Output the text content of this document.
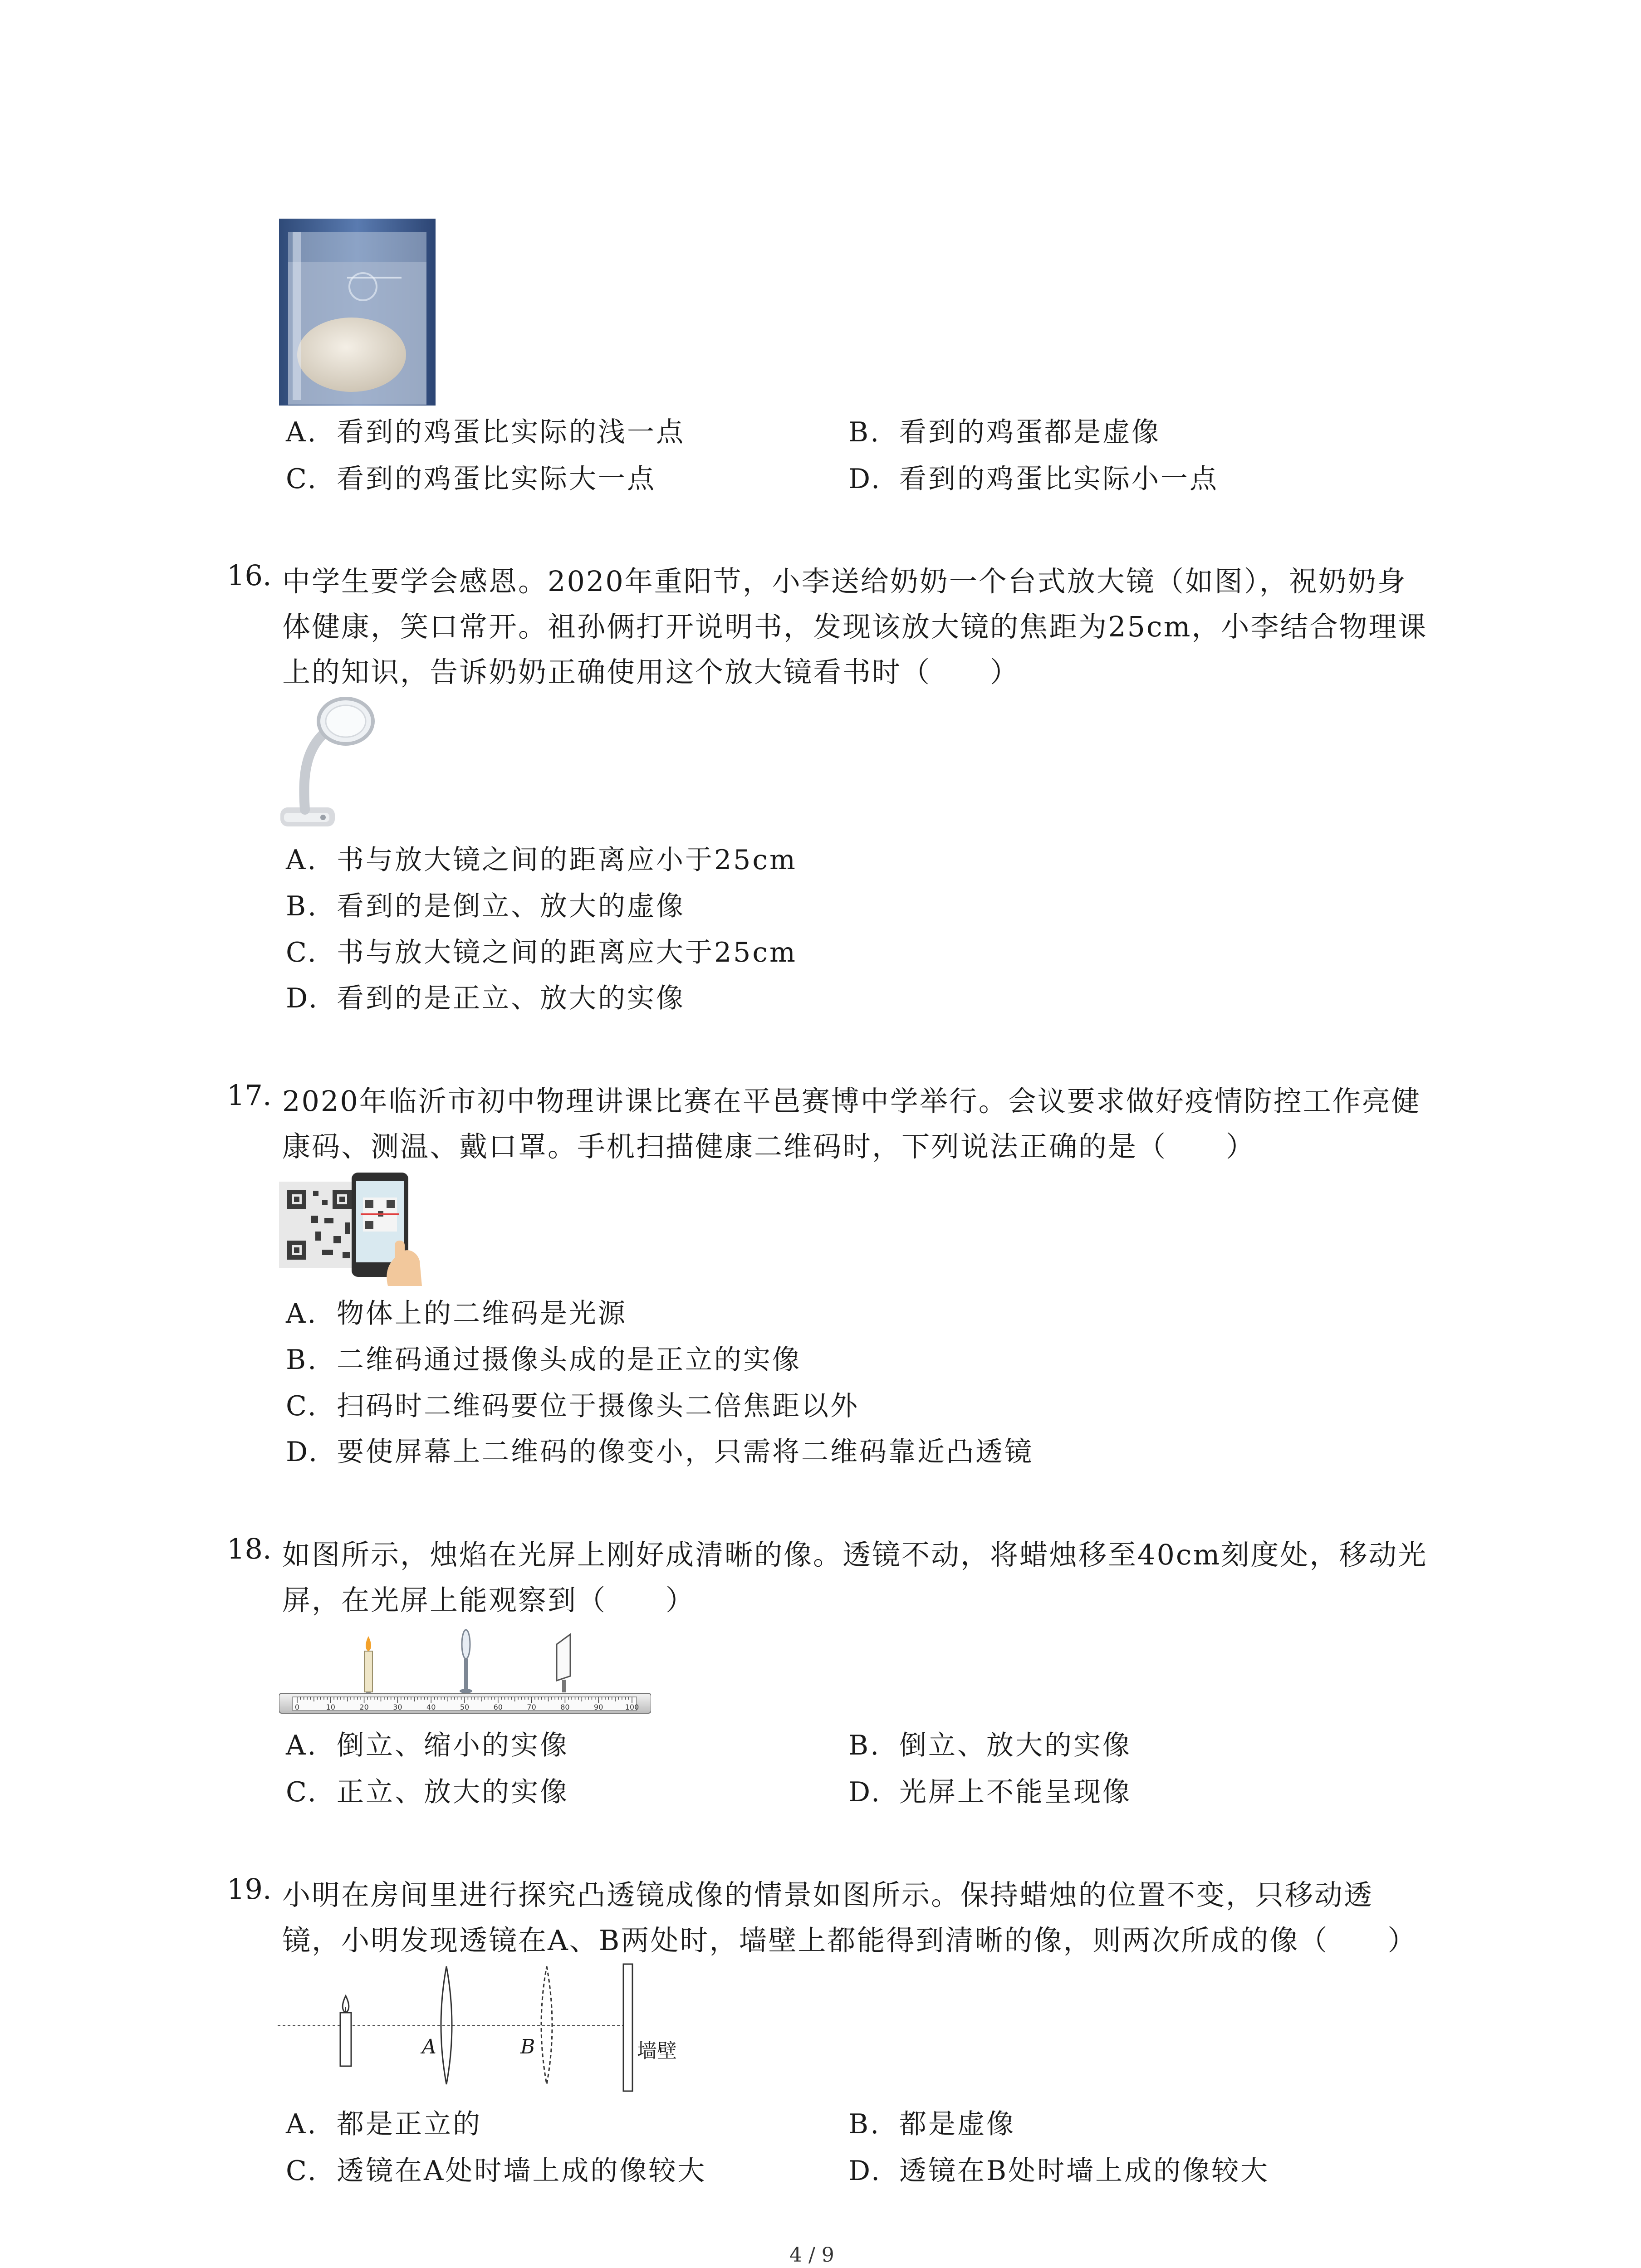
A. 看到的鸡蛋比实际的浅一点	B. 看到的鸡蛋都是虚像
C. 看到的鸡蛋比实际大一点	D. 看到的鸡蛋比实际小一点
16. 中学生要学会感恩。2020年重阳节，小李送给奶奶一个台式放大镜（如图），祝奶奶身
体健康，笑口常开。祖孙俩打开说明书，发现该放大镜的焦距为25cm，小李结合物理课
上的知识，告诉奶奶正确使用这个放大镜看书时（　　）
A. 书与放大镜之间的距离应小于25cm
B. 看到的是倒立、放大的虚像
C. 书与放大镜之间的距离应大于25cm
D. 看到的是正立、放大的实像
17. 2020年临沂市初中物理讲课比赛在平邑赛博中学举行。会议要求做好疫情防控工作亮健
康码、测温、戴口罩。手机扫描健康二维码时，下列说法正确的是（　　）
A. 物体上的二维码是光源
B. 二维码通过摄像头成的是正立的实像
C. 扫码时二维码要位于摄像头二倍焦距以外
D. 要使屏幕上二维码的像变小，只需将二维码靠近凸透镜
18. 如图所示，烛焰在光屏上刚好成清晰的像。透镜不动，将蜡烛移至40cm刻度处，移动光
屏，在光屏上能观察到（　　）
0	10	20	30	40	50	60	70	80	90	100
A. 倒立、缩小的实像	B. 倒立、放大的实像
C. 正立、放大的实像	D. 光屏上不能呈现像
19. 小明在房间里进行探究凸透镜成像的情景如图所示。保持蜡烛的位置不变，只移动透
镜，小明发现透镜在A、B两处时，墙壁上都能得到清晰的像，则两次所成的像（　　）
A	B	墙壁
A. 都是正立的	B. 都是虚像
C. 透镜在A处时墙上成的像较大	D. 透镜在B处时墙上成的像较大
4 / 9
